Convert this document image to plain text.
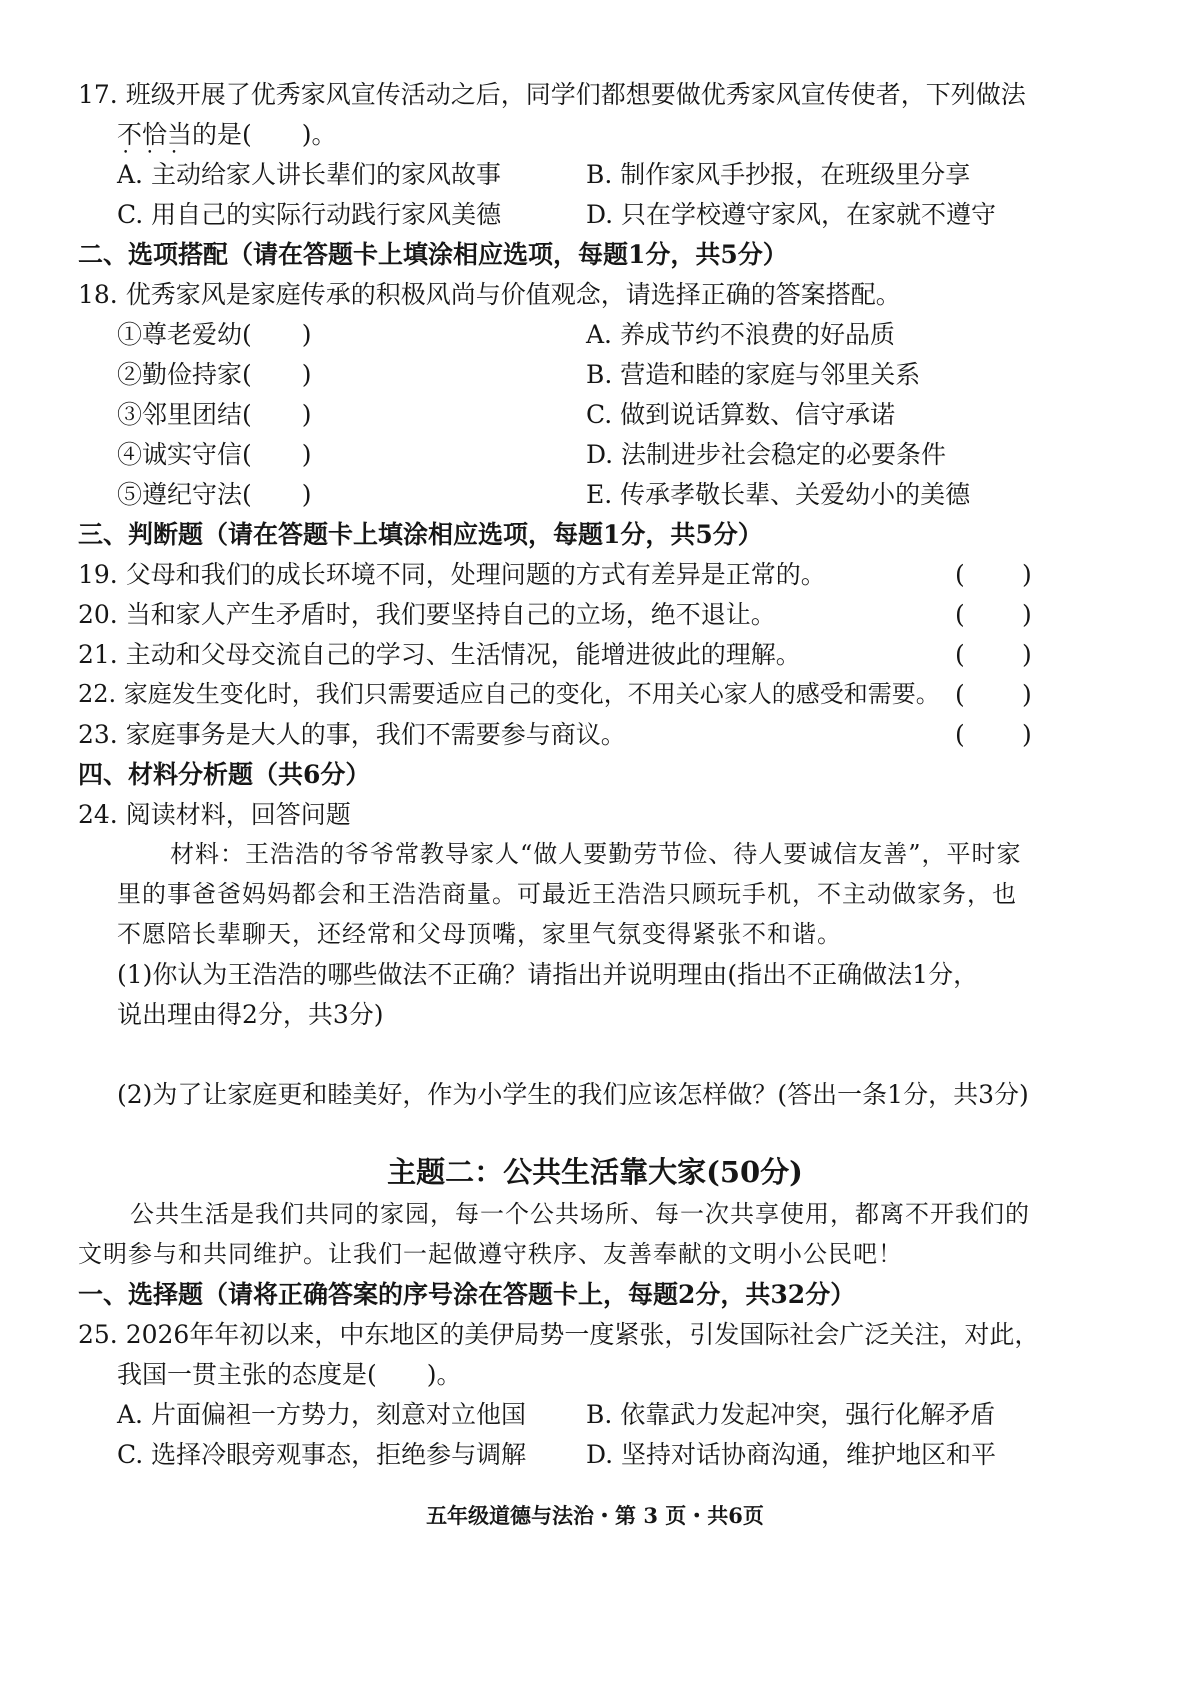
17. 班级开展了优秀家风宣传活动之后，同学们都想要做优秀家风宣传使者，下列做法
不恰当的是(　　)。 • • •
A. 主动给家人讲长辈们的家风故事	B. 制作家风手抄报，在班级里分享
C. 用自己的实际行动践行家风美德	D. 只在学校遵守家风，在家就不遵守
二、选项搭配（请在答题卡上填涂相应选项，每题1分，共5分）
18. 优秀家风是家庭传承的积极风尚与价值观念，请选择正确的答案搭配。
①尊老爱幼(　　)	A. 养成节约不浪费的好品质
②勤俭持家(　　)	B. 营造和睦的家庭与邻里关系
③邻里团结(　　)	C. 做到说话算数、信守承诺
④诚实守信(　　)	D. 法制进步社会稳定的必要条件
⑤遵纪守法(　　)	E. 传承孝敬长辈、关爱幼小的美德
三、判断题（请在答题卡上填涂相应选项，每题1分，共5分）
19. 父母和我们的成长环境不同，处理问题的方式有差异是正常的。	( )
20. 当和家人产生矛盾时，我们要坚持自己的立场，绝不退让。	( )
21. 主动和父母交流自己的学习、生活情况，能增进彼此的理解。	( )
22. 家庭发生变化时，我们只需要适应自己的变化，不用关心家人的感受和需要。 ( )
23. 家庭事务是大人的事，我们不需要参与商议。	( )
四、材料分析题（共6分）
24. 阅读材料，回答问题
材料：王浩浩的爷爷常教导家人“做人要勤劳节俭、待人要诚信友善”，平时家
里的事爸爸妈妈都会和王浩浩商量。可最近王浩浩只顾玩手机，不主动做家务，也
不愿陪长辈聊天，还经常和父母顶嘴，家里气氛变得紧张不和谐。
(1)你认为王浩浩的哪些做法不正确？请指出并说明理由(指出不正确做法1分，
说出理由得2分，共3分)
(2)为了让家庭更和睦美好，作为小学生的我们应该怎样做？(答出一条1分，共3分)
主题二：公共生活靠大家(50分)
公共生活是我们共同的家园，每一个公共场所、每一次共享使用，都离不开我们的
文明参与和共同维护。让我们一起做遵守秩序、友善奉献的文明小公民吧！
一、选择题（请将正确答案的序号涂在答题卡上，每题2分，共32分）
25. 2026年年初以来，中东地区的美伊局势一度紧张，引发国际社会广泛关注，对此，
我国一贯主张的态度是(　　)。
A. 片面偏袒一方势力，刻意对立他国 B. 依靠武力发起冲突，强行化解矛盾
C. 选择冷眼旁观事态，拒绝参与调解 D. 坚持对话协商沟通，维护地区和平
五年级道德与法治・第 3 页・共6页
